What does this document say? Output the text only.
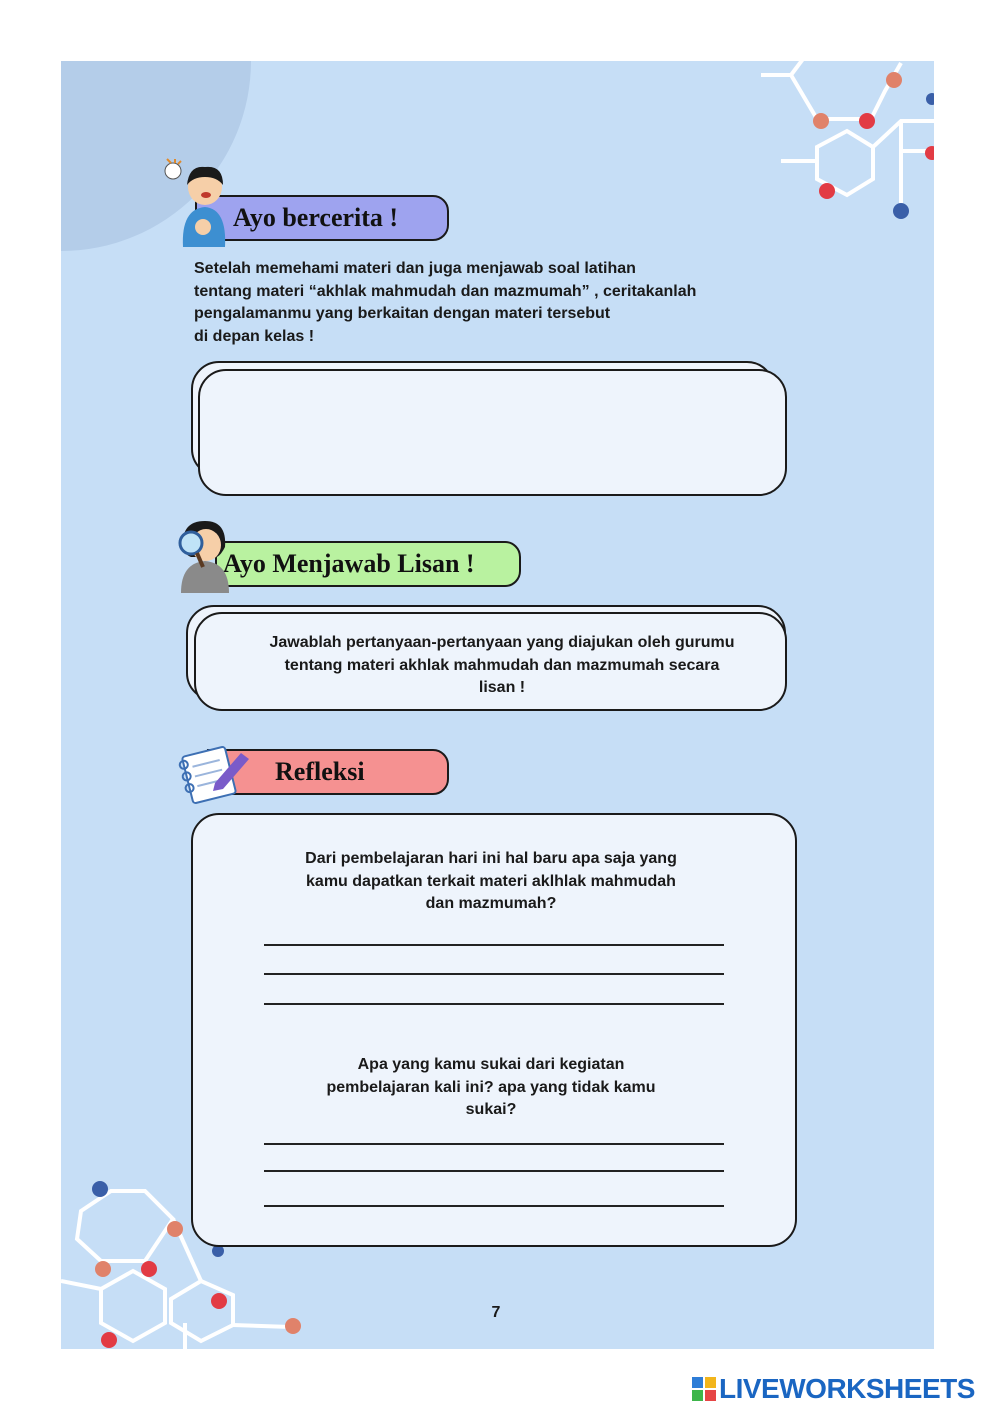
Ayo bercerita !

Setelah memehami materi dan juga menjawab soal latihan

tentang materi “akhlak mahmudah dan mazmumah” , ceritakanlah

pengalamanmu yang berkaitan dengan materi tersebut

di depan kelas !

Ayo Menjawab Lisan !

Jawablah pertanyaan-pertanyaan yang diajukan oleh gurumu

tentang materi akhlak mahmudah dan mazmumah secara

lisan !

Refleksi

Dari pembelajaran hari ini hal baru apa saja yang

kamu dapatkan terkait materi aklhlak mahmudah

dan mazmumah?

Apa yang kamu sukai dari kegiatan

pembelajaran kali ini? apa yang tidak kamu

sukai?

7
LIVEWORKSHEETS
